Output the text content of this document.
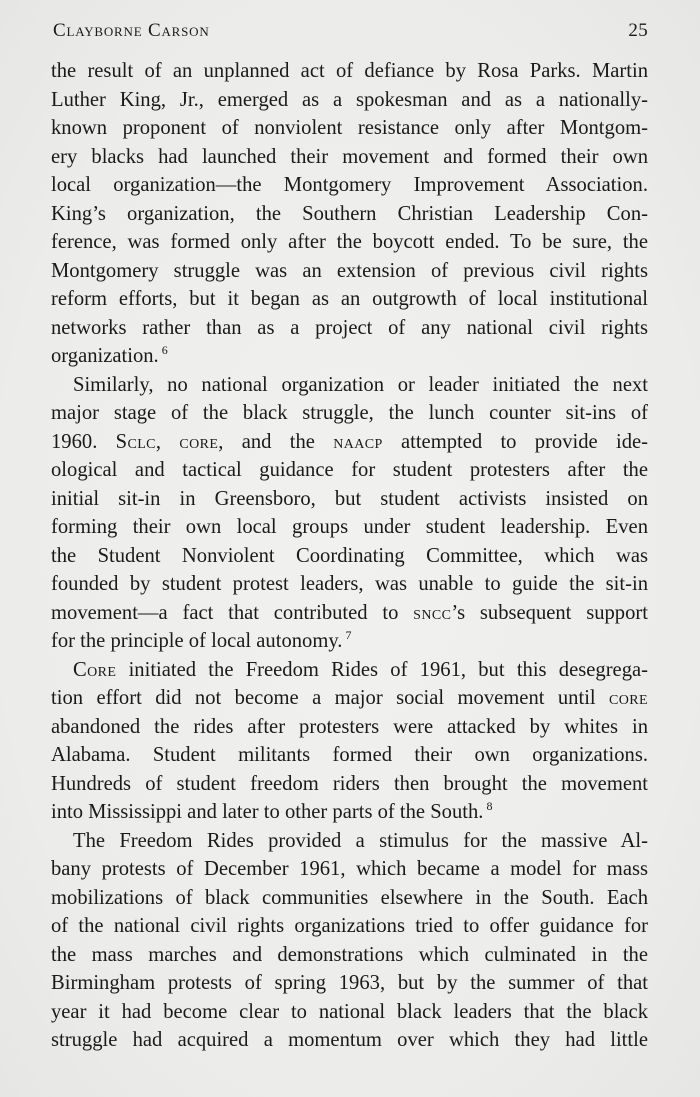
Clayborne Carson	25
the result of an unplanned act of defiance by Rosa Parks. Martin
Luther King, Jr., emerged as a spokesman and as a nationally-
known proponent of nonviolent resistance only after Montgom-
ery blacks had launched their movement and formed their own
local organization—the Montgomery Improvement Association.
King’s organization, the Southern Christian Leadership Con-
ference, was formed only after the boycott ended. To be sure, the
Montgomery struggle was an extension of previous civil rights
reform efforts, but it began as an outgrowth of local institutional
networks rather than as a project of any national civil rights
organization. $^6$
Similarly, no national organization or leader initiated the next
major stage of the black struggle, the lunch counter sit-ins of
1960. Sclc, core, and the naacp attempted to provide ide-
ological and tactical guidance for student protesters after the
initial sit-in in Greensboro, but student activists insisted on
forming their own local groups under student leadership. Even
the Student Nonviolent Coordinating Committee, which was
founded by student protest leaders, was unable to guide the sit-in
movement—a fact that contributed to sncc’s subsequent support
for the principle of local autonomy. $^7$
Core initiated the Freedom Rides of 1961, but this desegrega-
tion effort did not become a major social movement until core
abandoned the rides after protesters were attacked by whites in
Alabama. Student militants formed their own organizations.
Hundreds of student freedom riders then brought the movement
into Mississippi and later to other parts of the South. $^8$
The Freedom Rides provided a stimulus for the massive Al-
bany protests of December 1961, which became a model for mass
mobilizations of black communities elsewhere in the South. Each
of the national civil rights organizations tried to offer guidance for
the mass marches and demonstrations which culminated in the
Birmingham protests of spring 1963, but by the summer of that
year it had become clear to national black leaders that the black
struggle had acquired a momentum over which they had little
